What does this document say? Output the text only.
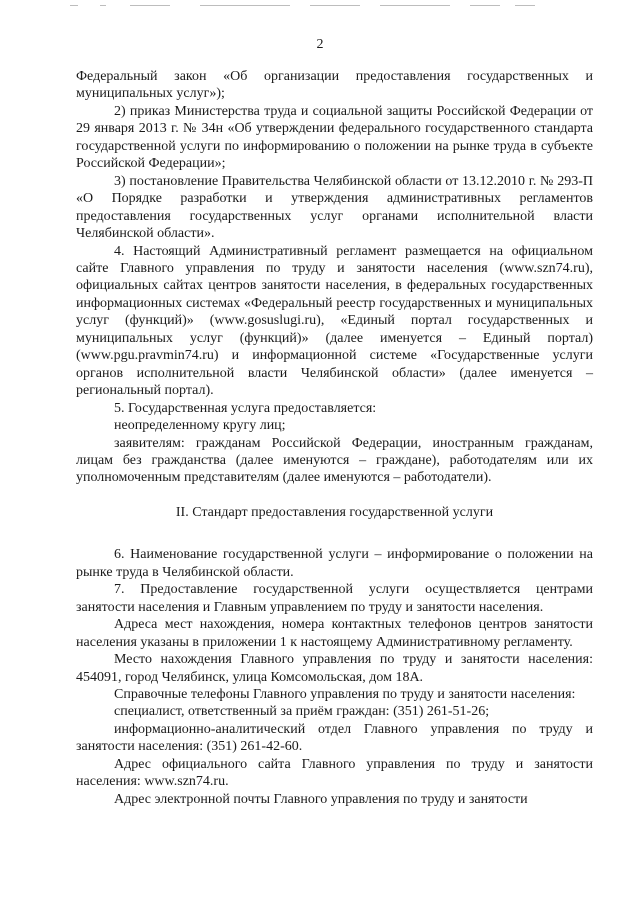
2

Федеральный закон «Об организации предоставления государственных и муниципальных услуг»);

2) приказ Министерства труда и социальной защиты Российской Федерации от 29 января 2013 г. № 34н «Об утверждении федерального государственного стандарта государственной услуги по информированию о положении на рынке труда в субъекте Российской Федерации»;

3) постановление Правительства Челябинской области от 13.12.2010 г. № 293-П «О Порядке разработки и утверждения административных регламентов предоставления государственных услуг органами исполнительной власти Челябинской области».

4. Настоящий Административный регламент размещается на официальном сайте Главного управления по труду и занятости населения (www.szn74.ru), официальных сайтах центров занятости населения, в федеральных государственных информационных системах «Федеральный реестр государственных и муниципальных услуг (функций)» (www.gosuslugi.ru), «Единый портал государственных и муниципальных услуг (функций)» (далее именуется – Единый портал) (www.pgu.pravmin74.ru) и информационной системе «Государственные услуги органов исполнительной власти Челябинской области» (далее именуется – региональный портал).

5. Государственная услуга предоставляется:

неопределенному кругу лиц;

заявителям: гражданам Российской Федерации, иностранным гражданам, лицам без гражданства (далее именуются – граждане), работодателям или их уполномоченным представителям (далее именуются – работодатели).

II. Стандарт предоставления государственной услуги

6. Наименование государственной услуги – информирование о положении на рынке труда в Челябинской области.

7. Предоставление государственной услуги осуществляется центрами занятости населения и Главным управлением по труду и занятости населения.

Адреса мест нахождения, номера контактных телефонов центров занятости населения указаны в приложении 1 к настоящему Административному регламенту.

Место нахождения Главного управления по труду и занятости населения: 454091, город Челябинск, улица Комсомольская, дом 18А.

Справочные телефоны Главного управления по труду и занятости населения:

специалист, ответственный за приём граждан: (351) 261-51-26;

информационно-аналитический отдел Главного управления по труду и занятости населения: (351) 261-42-60.

Адрес официального сайта Главного управления по труду и занятости населения: www.szn74.ru.

Адрес электронной почты Главного управления по труду и занятости
